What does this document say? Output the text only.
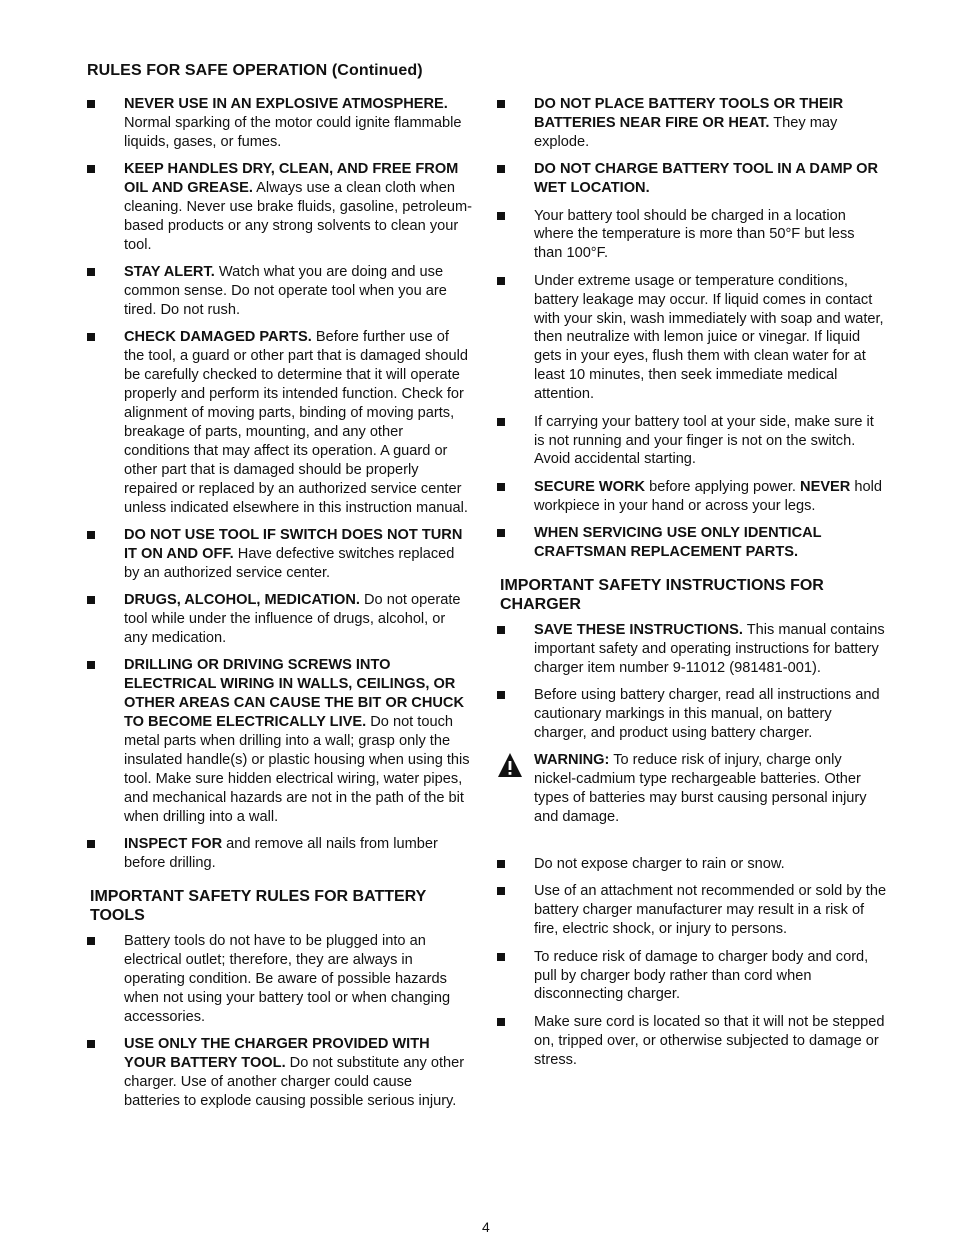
RULES FOR SAFE OPERATION (Continued)
NEVER USE IN AN EXPLOSIVE ATMOSPHERE. Normal sparking of the motor could ignite flammable liquids, gases, or fumes.
KEEP HANDLES DRY, CLEAN, AND FREE FROM OIL AND GREASE. Always use a clean cloth when cleaning. Never use brake fluids, gasoline, petroleum-based products or any strong solvents to clean your tool.
STAY ALERT. Watch what you are doing and use common sense. Do not operate tool when you are tired. Do not rush.
CHECK DAMAGED PARTS. Before further use of the tool, a guard or other part that is damaged should be carefully checked to determine that it will operate properly and perform its intended function. Check for alignment of moving parts, binding of moving parts, breakage of parts, mounting, and any other conditions that may affect its operation. A guard or other part that is damaged should be properly repaired or replaced by an authorized service center unless indicated elsewhere in this instruction manual.
DO NOT USE TOOL IF SWITCH DOES NOT TURN IT ON AND OFF. Have defective switches replaced by an authorized service center.
DRUGS, ALCOHOL, MEDICATION. Do not operate tool while under the influence of drugs, alcohol, or any medication.
DRILLING OR DRIVING SCREWS INTO ELECTRICAL WIRING IN WALLS, CEILINGS, OR OTHER AREAS CAN CAUSE THE BIT OR CHUCK TO BECOME ELECTRICALLY LIVE. Do not touch metal parts when drilling into a wall; grasp only the insulated handle(s) or plastic housing when using this tool. Make sure hidden electrical wiring, water pipes, and mechanical hazards are not in the path of the bit when drilling into a wall.
INSPECT FOR and remove all nails from lumber before drilling.
IMPORTANT SAFETY RULES FOR BATTERY TOOLS
Battery tools do not have to be plugged into an electrical outlet; therefore, they are always in operating condition. Be aware of possible hazards when not using your battery tool or when changing accessories.
USE ONLY THE CHARGER PROVIDED WITH YOUR BATTERY TOOL. Do not substitute any other charger. Use of another charger could cause batteries to explode causing possible serious injury.
DO NOT PLACE BATTERY TOOLS OR THEIR BATTERIES NEAR FIRE OR HEAT. They may explode.
DO NOT CHARGE BATTERY TOOL IN A DAMP OR WET LOCATION.
Your battery tool should be charged in a location where the temperature is more than 50°F but less than 100°F.
Under extreme usage or temperature conditions, battery leakage may occur. If liquid comes in contact with your skin, wash immediately with soap and water, then neutralize with lemon juice or vinegar. If liquid gets in your eyes, flush them with clean water for at least 10 minutes, then seek immediate medical attention.
If carrying your battery tool at your side, make sure it is not running and your finger is not on the switch. Avoid accidental starting.
SECURE WORK before applying power. NEVER hold workpiece in your hand or across your legs.
WHEN SERVICING USE ONLY IDENTICAL CRAFTSMAN REPLACEMENT PARTS.
IMPORTANT SAFETY INSTRUCTIONS FOR CHARGER
SAVE THESE INSTRUCTIONS. This manual contains important safety and operating instructions for battery charger item number 9-11012 (981481-001).
Before using battery charger, read all instructions and cautionary markings in this manual, on battery charger, and product using battery charger.
WARNING: To reduce risk of injury, charge only nickel-cadmium type rechargeable batteries. Other types of batteries may burst causing personal injury and damage.
Do not expose charger to rain or snow.
Use of an attachment not recommended or sold by the battery charger manufacturer may result in a risk of fire, electric shock, or injury to persons.
To reduce risk of damage to charger body and cord, pull by charger body rather than cord when disconnecting charger.
Make sure cord is located so that it will not be stepped on, tripped over, or otherwise subjected to damage or stress.
4
